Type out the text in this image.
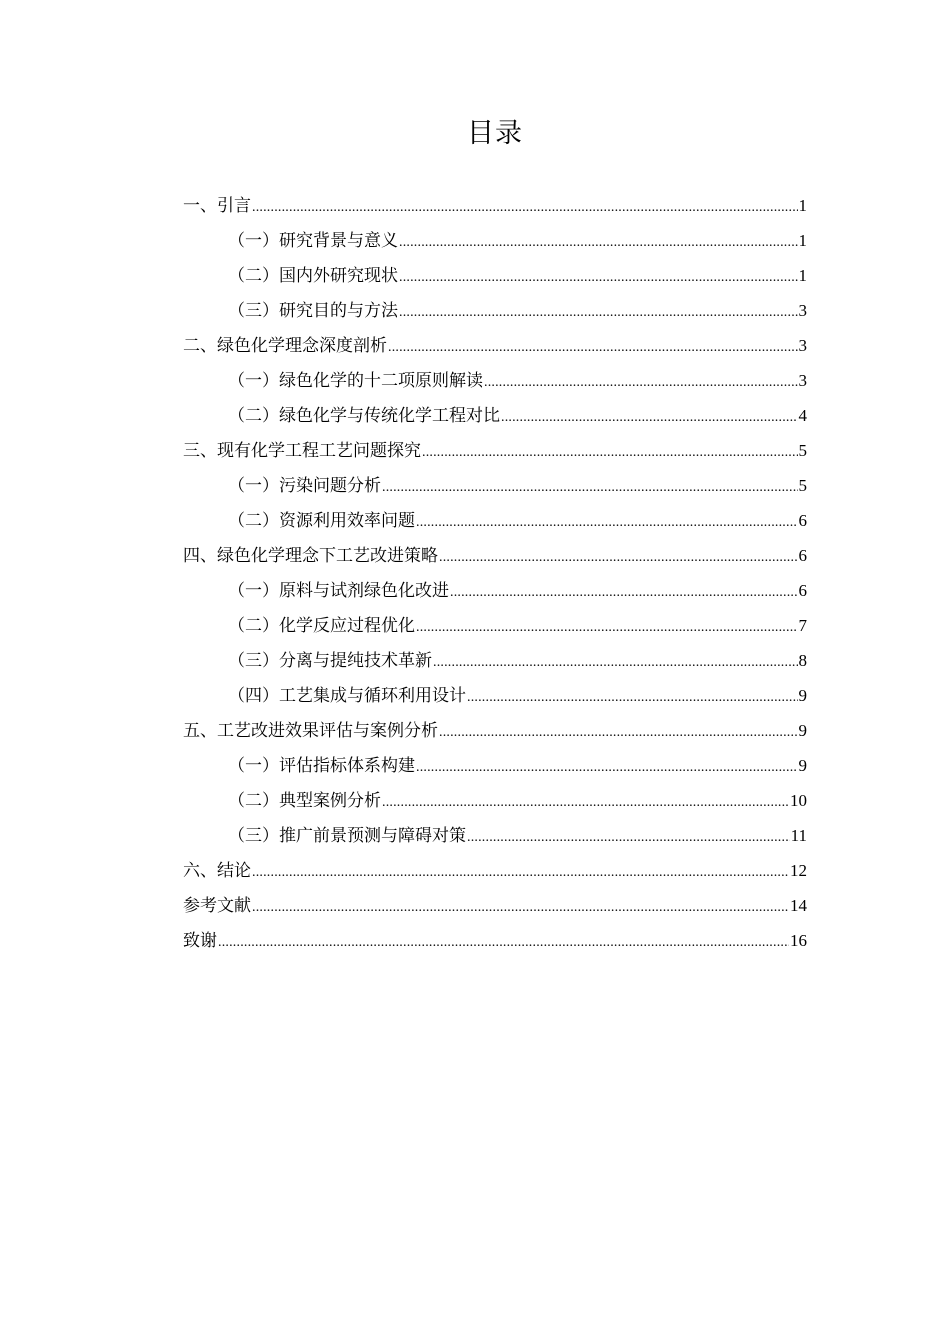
目录
一、引言 .....	1
（一）研究背景与意义 .....	1
（二）国内外研究现状 .....	1
（三）研究目的与方法 .....	3
二、绿色化学理念深度剖析 .....	3
（一）绿色化学的十二项原则解读 .....	3
（二）绿色化学与传统化学工程对比 .....	4
三、现有化学工程工艺问题探究 .....	5
（一）污染问题分析 .....	5
（二）资源利用效率问题 .....	6
四、绿色化学理念下工艺改进策略 .....	6
（一）原料与试剂绿色化改进 .....	6
（二）化学反应过程优化 .....	7
（三）分离与提纯技术革新 .....	8
（四）工艺集成与循环利用设计 .....	9
五、工艺改进效果评估与案例分析 .....	9
（一）评估指标体系构建 .....	9
（二）典型案例分析 .....	10
（三）推广前景预测与障碍对策 .....	11
六、结论 .....	12
参考文献 .....	14
致谢 .....	16
